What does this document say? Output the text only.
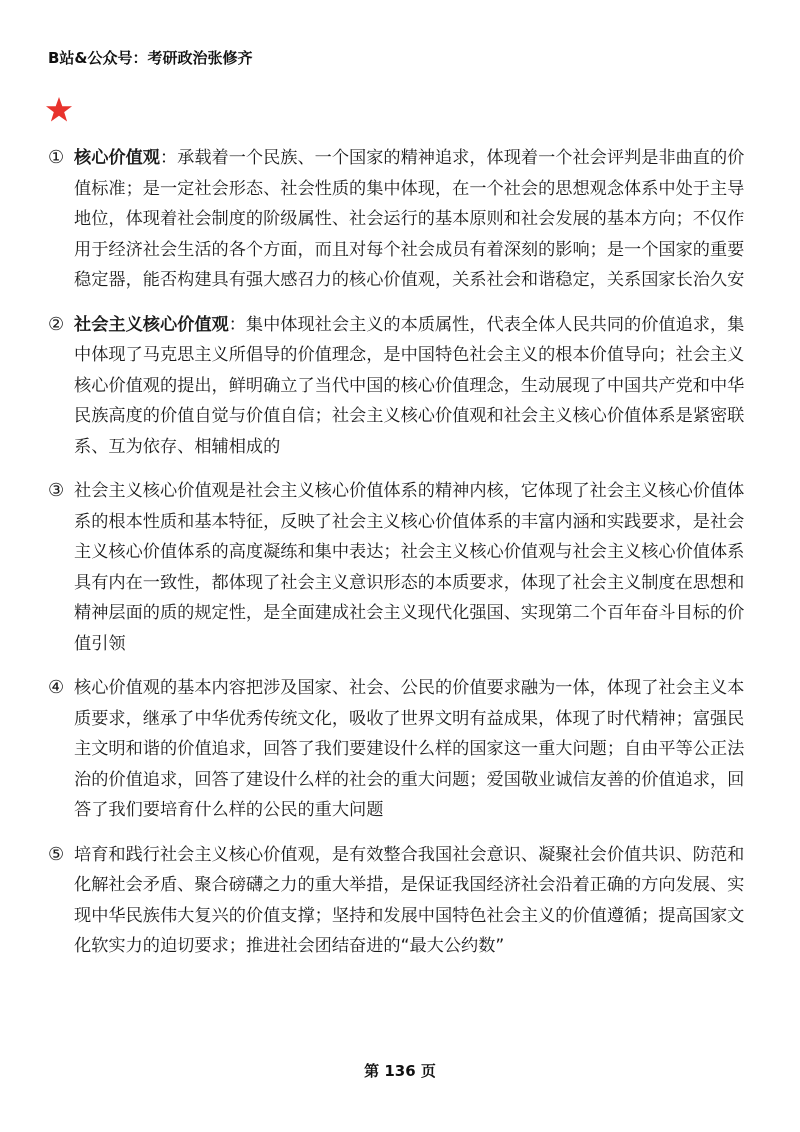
B站&公众号：考研政治张修齐
① 核心价值观：承载着一个民族、一个国家的精神追求，体现着一个社会评判是非曲直的价值标准；是一定社会形态、社会性质的集中体现，在一个社会的思想观念体系中处于主导地位，体现着社会制度的阶级属性、社会运行的基本原则和社会发展的基本方向；不仅作用于经济社会生活的各个方面，而且对每个社会成员有着深刻的影响；是一个国家的重要稳定器，能否构建具有强大感召力的核心价值观，关系社会和谐稳定，关系国家长治久安
② 社会主义核心价值观：集中体现社会主义的本质属性，代表全体人民共同的价值追求，集中体现了马克思主义所倡导的价值理念，是中国特色社会主义的根本价值导向；社会主义核心价值观的提出，鲜明确立了当代中国的核心价值理念，生动展现了中国共产党和中华民族高度的价值自觉与价值自信；社会主义核心价值观和社会主义核心价值体系是紧密联系、互为依存、相辅相成的
③ 社会主义核心价值观是社会主义核心价值体系的精神内核，它体现了社会主义核心价值体系的根本性质和基本特征，反映了社会主义核心价值体系的丰富内涵和实践要求，是社会主义核心价值体系的高度凝练和集中表达；社会主义核心价值观与社会主义核心价值体系具有内在一致性，都体现了社会主义意识形态的本质要求，体现了社会主义制度在思想和精神层面的质的规定性，是全面建成社会主义现代化强国、实现第二个百年奋斗目标的价值引领
④ 核心价值观的基本内容把涉及国家、社会、公民的价值要求融为一体，体现了社会主义本质要求，继承了中华优秀传统文化，吸收了世界文明有益成果，体现了时代精神；富强民主文明和谐的价值追求，回答了我们要建设什么样的国家这一重大问题；自由平等公正法治的价值追求，回答了建设什么样的社会的重大问题；爱国敬业诚信友善的价值追求，回答了我们要培育什么样的公民的重大问题
⑤ 培育和践行社会主义核心价值观，是有效整合我国社会意识、凝聚社会价值共识、防范和化解社会矛盾、聚合磅礴之力的重大举措，是保证我国经济社会沿着正确的方向发展、实现中华民族伟大复兴的价值支撑；坚持和发展中国特色社会主义的价值遵循；提高国家文化软实力的迫切要求；推进社会团结奋进的“最大公约数”
第 136 页
